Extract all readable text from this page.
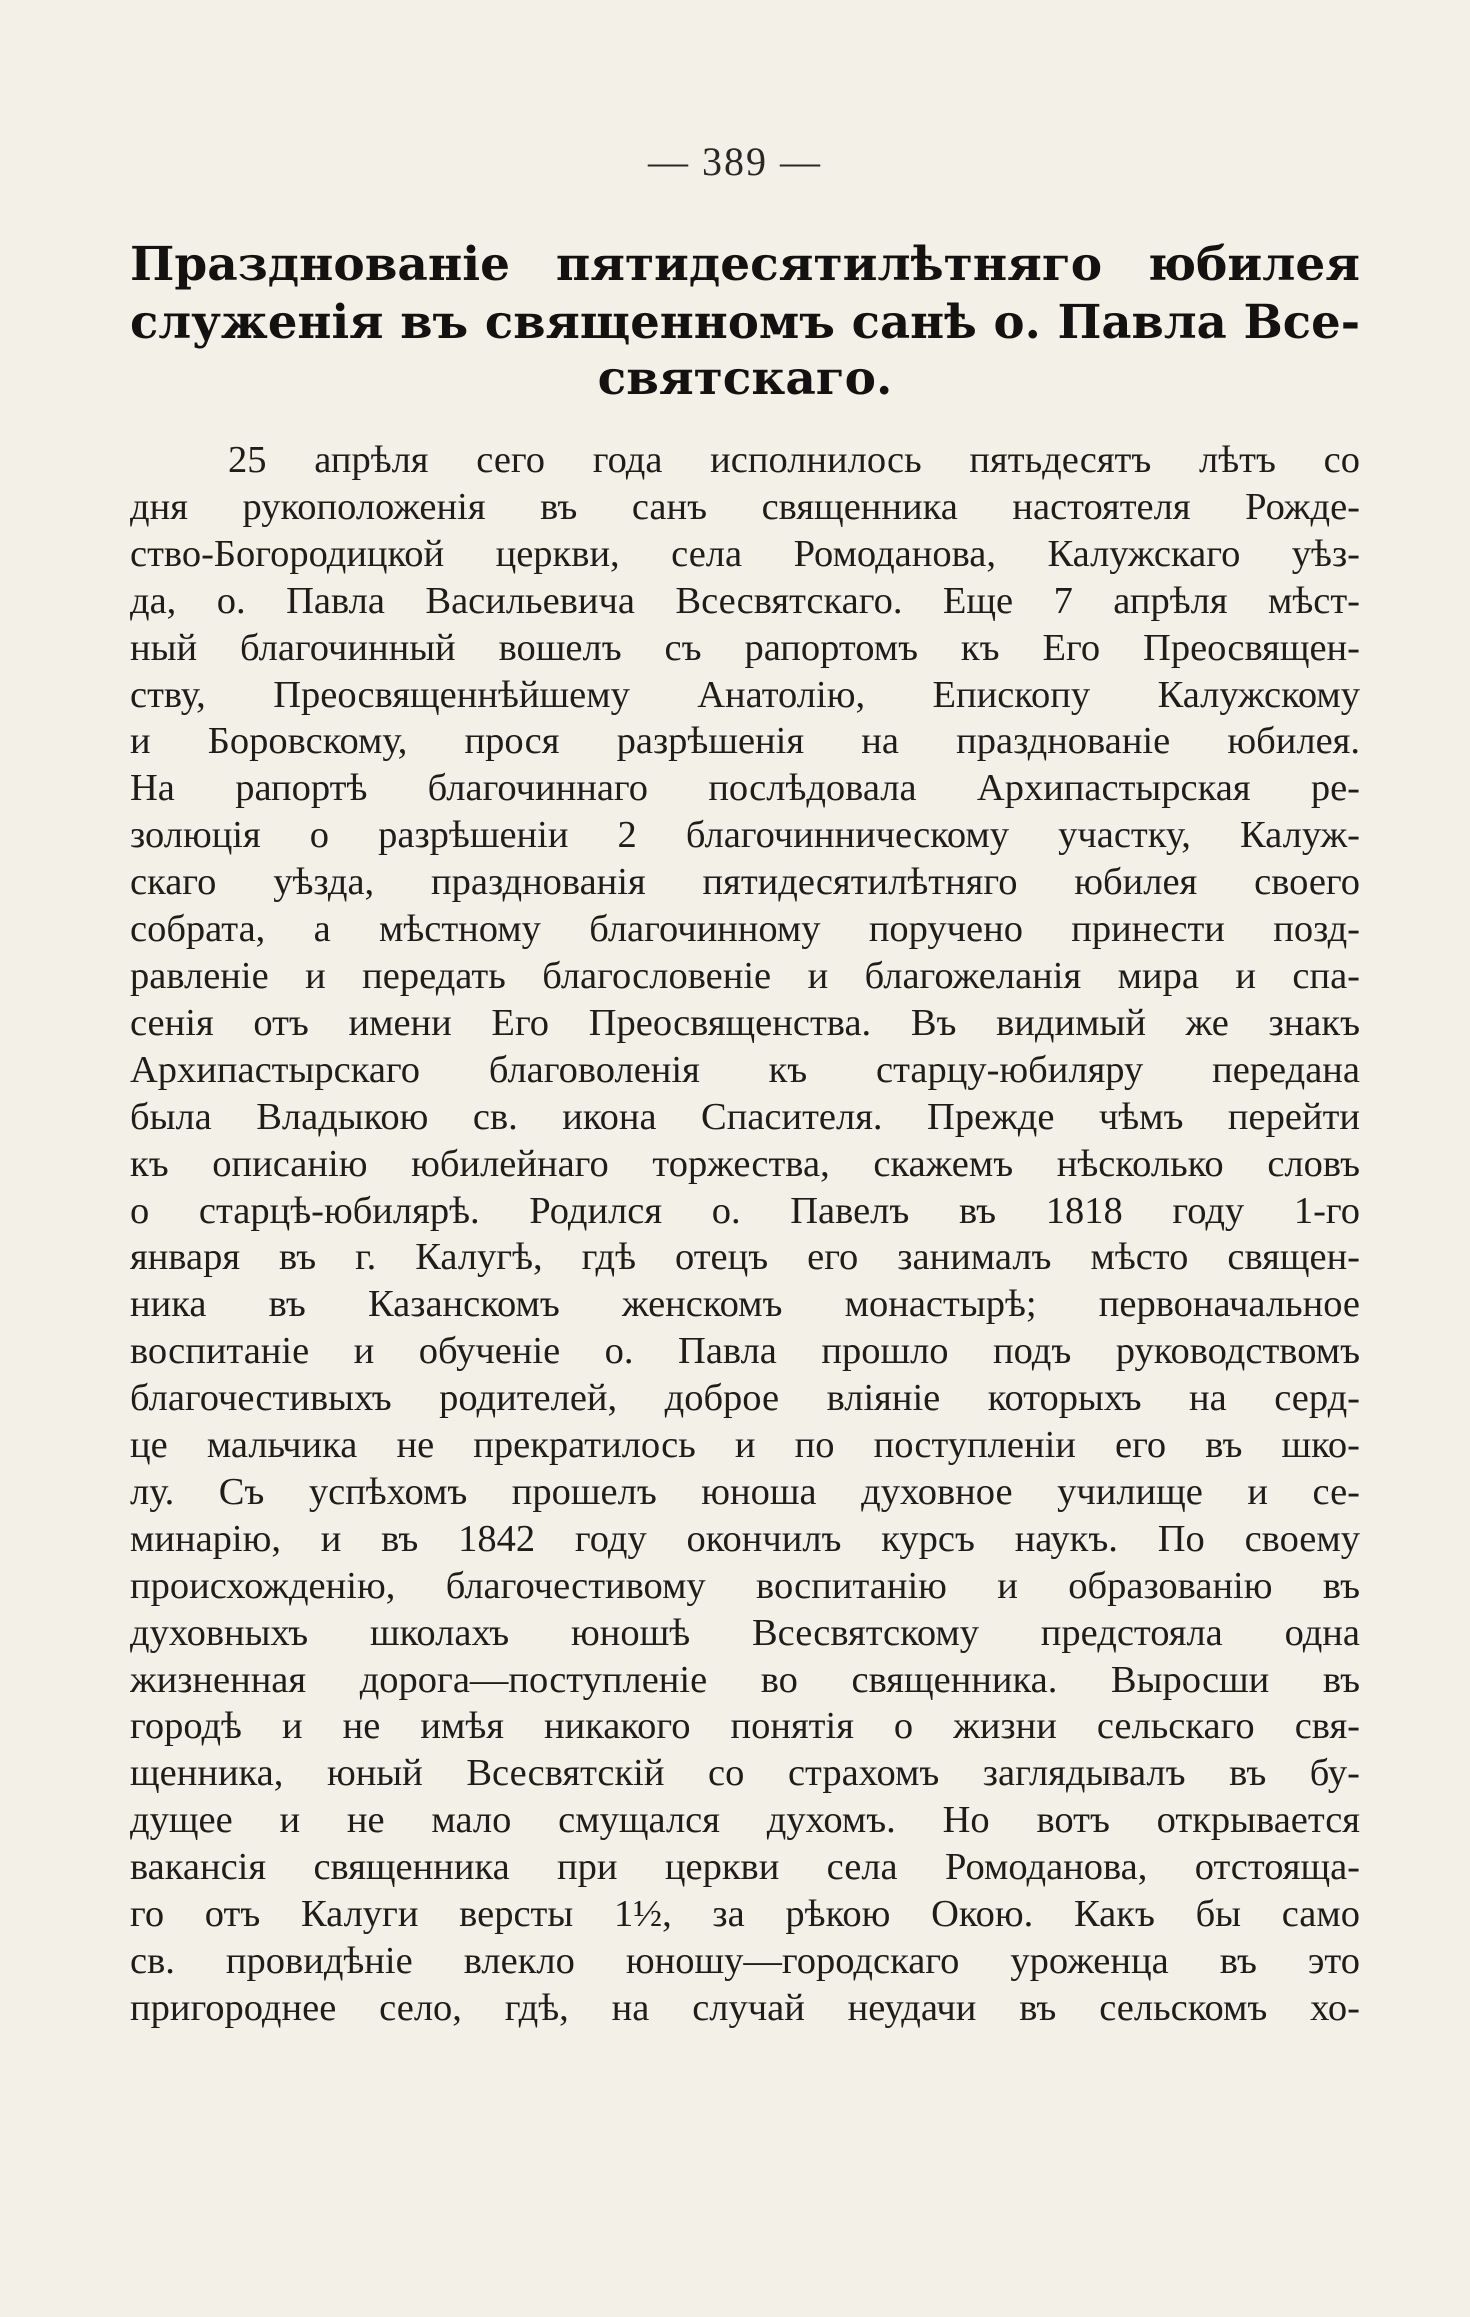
— 389 —
Празднованіе пятидесятилѣтняго юбилея
служенія въ священномъ санѣ о. Павла Все-
святскаго.
25 апрѣля сего года исполнилось пятьдесятъ лѣтъ со
дня рукоположенія въ санъ священника настоятеля Рожде-
ство-Богородицкой церкви, села Ромоданова, Калужскаго уѣз-
да, о. Павла Васильевича Всесвятскаго. Еще 7 апрѣля мѣст-
ный благочинный вошелъ съ рапортомъ къ Его Преосвящен-
ству, Преосвященнѣйшему Анатолію, Епископу Калужскому
и Боровскому, прося разрѣшенія на празднованіе юбилея.
На рапортѣ благочиннаго послѣдовала Архипастырская ре-
золюція о разрѣшеніи 2 благочинническому участку, Калуж-
скаго уѣзда, празднованія пятидесятилѣтняго юбилея своего
собрата, а мѣстному благочинному поручено принести позд-
равленіе и передать благословеніе и благожеланія мира и спа-
сенія отъ имени Его Преосвященства. Въ видимый же знакъ
Архипастырскаго благоволенія къ старцу-юбиляру передана
была Владыкою св. икона Спасителя. Прежде чѣмъ перейти
къ описанію юбилейнаго торжества, скажемъ нѣсколько словъ
о старцѣ-юбилярѣ. Родился о. Павелъ въ 1818 году 1-го
января въ г. Калугѣ, гдѣ отецъ его занималъ мѣсто священ-
ника въ Казанскомъ женскомъ монастырѣ; первоначальное
воспитаніе и обученіе о. Павла прошло подъ руководствомъ
благочестивыхъ родителей, доброе вліяніе которыхъ на серд-
це мальчика не прекратилось и по поступленіи его въ шко-
лу. Съ успѣхомъ прошелъ юноша духовное училище и се-
минарію, и въ 1842 году окончилъ курсъ наукъ. По своему
происхожденію, благочестивому воспитанію и образованію въ
духовныхъ школахъ юношѣ Всесвятскому предстояла одна
жизненная дорога—поступленіе во священника. Выросши въ
городѣ и не имѣя никакого понятія о жизни сельскаго свя-
щенника, юный Всесвятскій со страхомъ заглядывалъ въ бу-
дущее и не мало смущался духомъ. Но вотъ открывается
вакансія священника при церкви села Ромоданова, отстоящa-
го отъ Калуги версты 1½, за рѣкою Окою. Какъ бы само
св. провидѣніе влекло юношу—городскаго уроженца въ это
пригороднее село, гдѣ, на случай неудачи въ сельскомъ хо-
